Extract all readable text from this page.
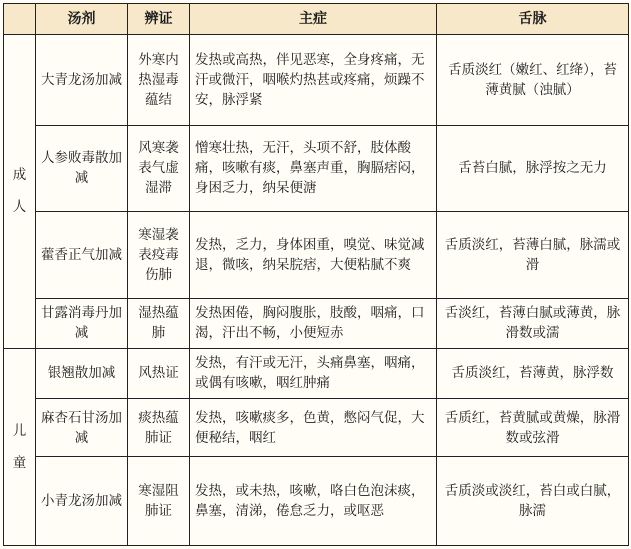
	汤剂	辨证	主症	舌脉
成人	大青龙汤加减	外寒内热湿毒蕴结	发热或高热，伴见恶寒，全身疼痛，无汗或微汗，咽喉灼热甚或疼痛，烦躁不安，脉浮紧	舌质淡红（嫩红、红绛），苔薄黄腻（浊腻）
	人参败毒散加减	风寒袭表气虚湿滞	憎寒壮热，无汗，头项不舒，肢体酸痛，咳嗽有痰，鼻塞声重，胸膈痞闷，身困乏力，纳呆便溏	舌苔白腻，脉浮按之无力
	藿香正气加减	寒湿袭表疫毒伤肺	发热，乏力，身体困重，嗅觉、味觉减退，微咳，纳呆脘痞，大便粘腻不爽	舌质淡红，苔薄白腻，脉濡或滑
	甘露消毒丹加减	湿热蕴肺	发热困倦，胸闷腹胀，肢酸，咽痛，口渴，汗出不畅，小便短赤	舌淡红，苔薄白腻或薄黄，脉滑数或濡
儿童	银翘散加减	风热证	发热，有汗或无汗，头痛鼻塞，咽痛，或偶有咳嗽，咽红肿痛	舌质淡红，苔薄黄，脉浮数
	麻杏石甘汤加减	痰热蕴肺证	发热，咳嗽痰多，色黄，憋闷气促，大便秘结，咽红	舌质红，苔黄腻或黄燥，脉滑数或弦滑
	小青龙汤加减	寒湿阻肺证	发热，或未热，咳嗽，咯白色泡沫痰，鼻塞，清涕，倦怠乏力，或呕恶	舌质淡或淡红，苔白或白腻，脉濡
